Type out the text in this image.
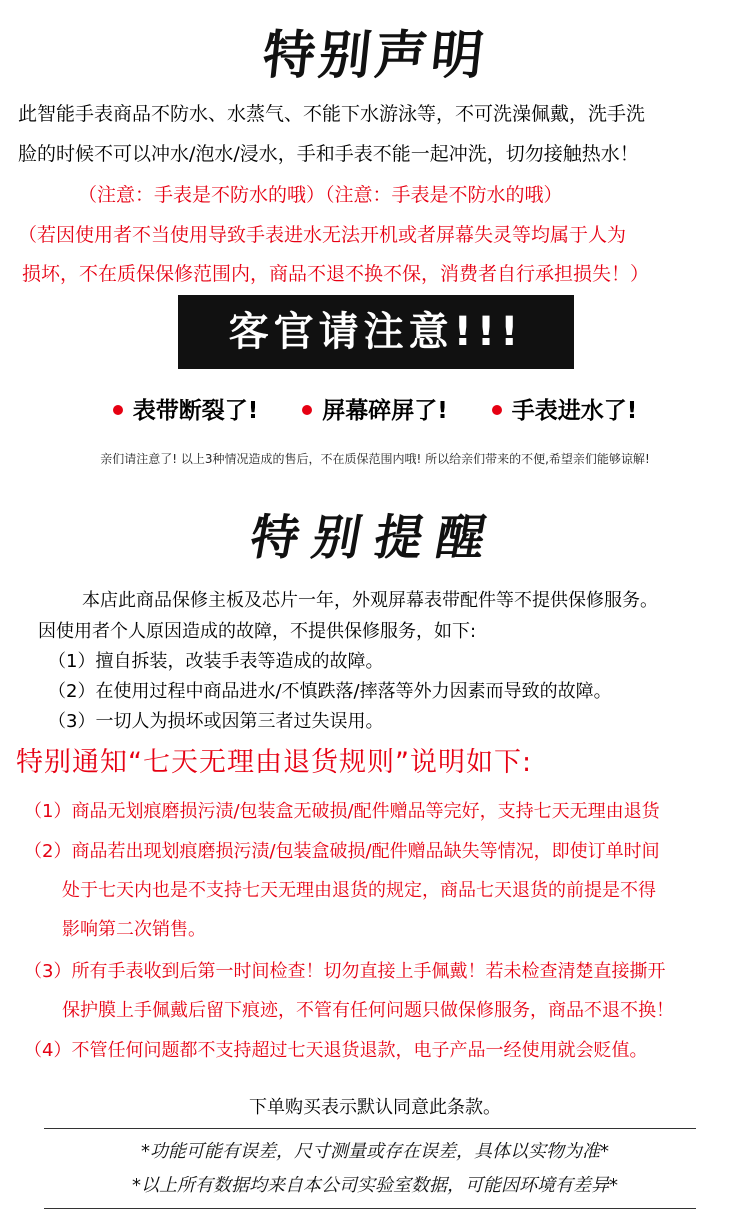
特别声明
此智能手表商品不防水、水蒸气、不能下水游泳等，不可洗澡佩戴，洗手洗
脸的时候不可以冲水/泡水/浸水，手和手表不能一起冲洗，切勿接触热水！
（注意：手表是不防水的哦）（注意：手表是不防水的哦）
（若因使用者不当使用导致手表进水无法开机或者屏幕失灵等均属于人为
损坏，不在质保保修范围内，商品不退不换不保，消费者自行承担损失！）
客官请注意!!!
表带断裂了!	屏幕碎屏了!	手表进水了!
亲们请注意了! 以上3种情况造成的售后，不在质保范围内哦! 所以给亲们带来的不便,希望亲们能够谅解!
特别提醒
本店此商品保修主板及芯片一年，外观屏幕表带配件等不提供保修服务。
因使用者个人原因造成的故障，不提供保修服务，如下:
（1）擅自拆装，改装手表等造成的故障。
（2）在使用过程中商品进水/不慎跌落/摔落等外力因素而导致的故障。
（3）一切人为损坏或因第三者过失误用。
特别通知“七天无理由退货规则”说明如下:
（1）商品无划痕磨损污渍/包装盒无破损/配件赠品等完好，支持七天无理由退货
（2）商品若出现划痕磨损污渍/包装盒破损/配件赠品缺失等情况，即使订单时间
处于七天内也是不支持七天无理由退货的规定，商品七天退货的前提是不得
影响第二次销售。
（3）所有手表收到后第一时间检查！切勿直接上手佩戴！若未检查清楚直接撕开
保护膜上手佩戴后留下痕迹，不管有任何问题只做保修服务，商品不退不换！
（4）不管任何问题都不支持超过七天退货退款，电子产品一经使用就会贬值。
下单购买表示默认同意此条款。
*功能可能有误差，尺寸测量或存在误差，具体以实物为准*
*以上所有数据均来自本公司实验室数据，可能因环境有差异*
